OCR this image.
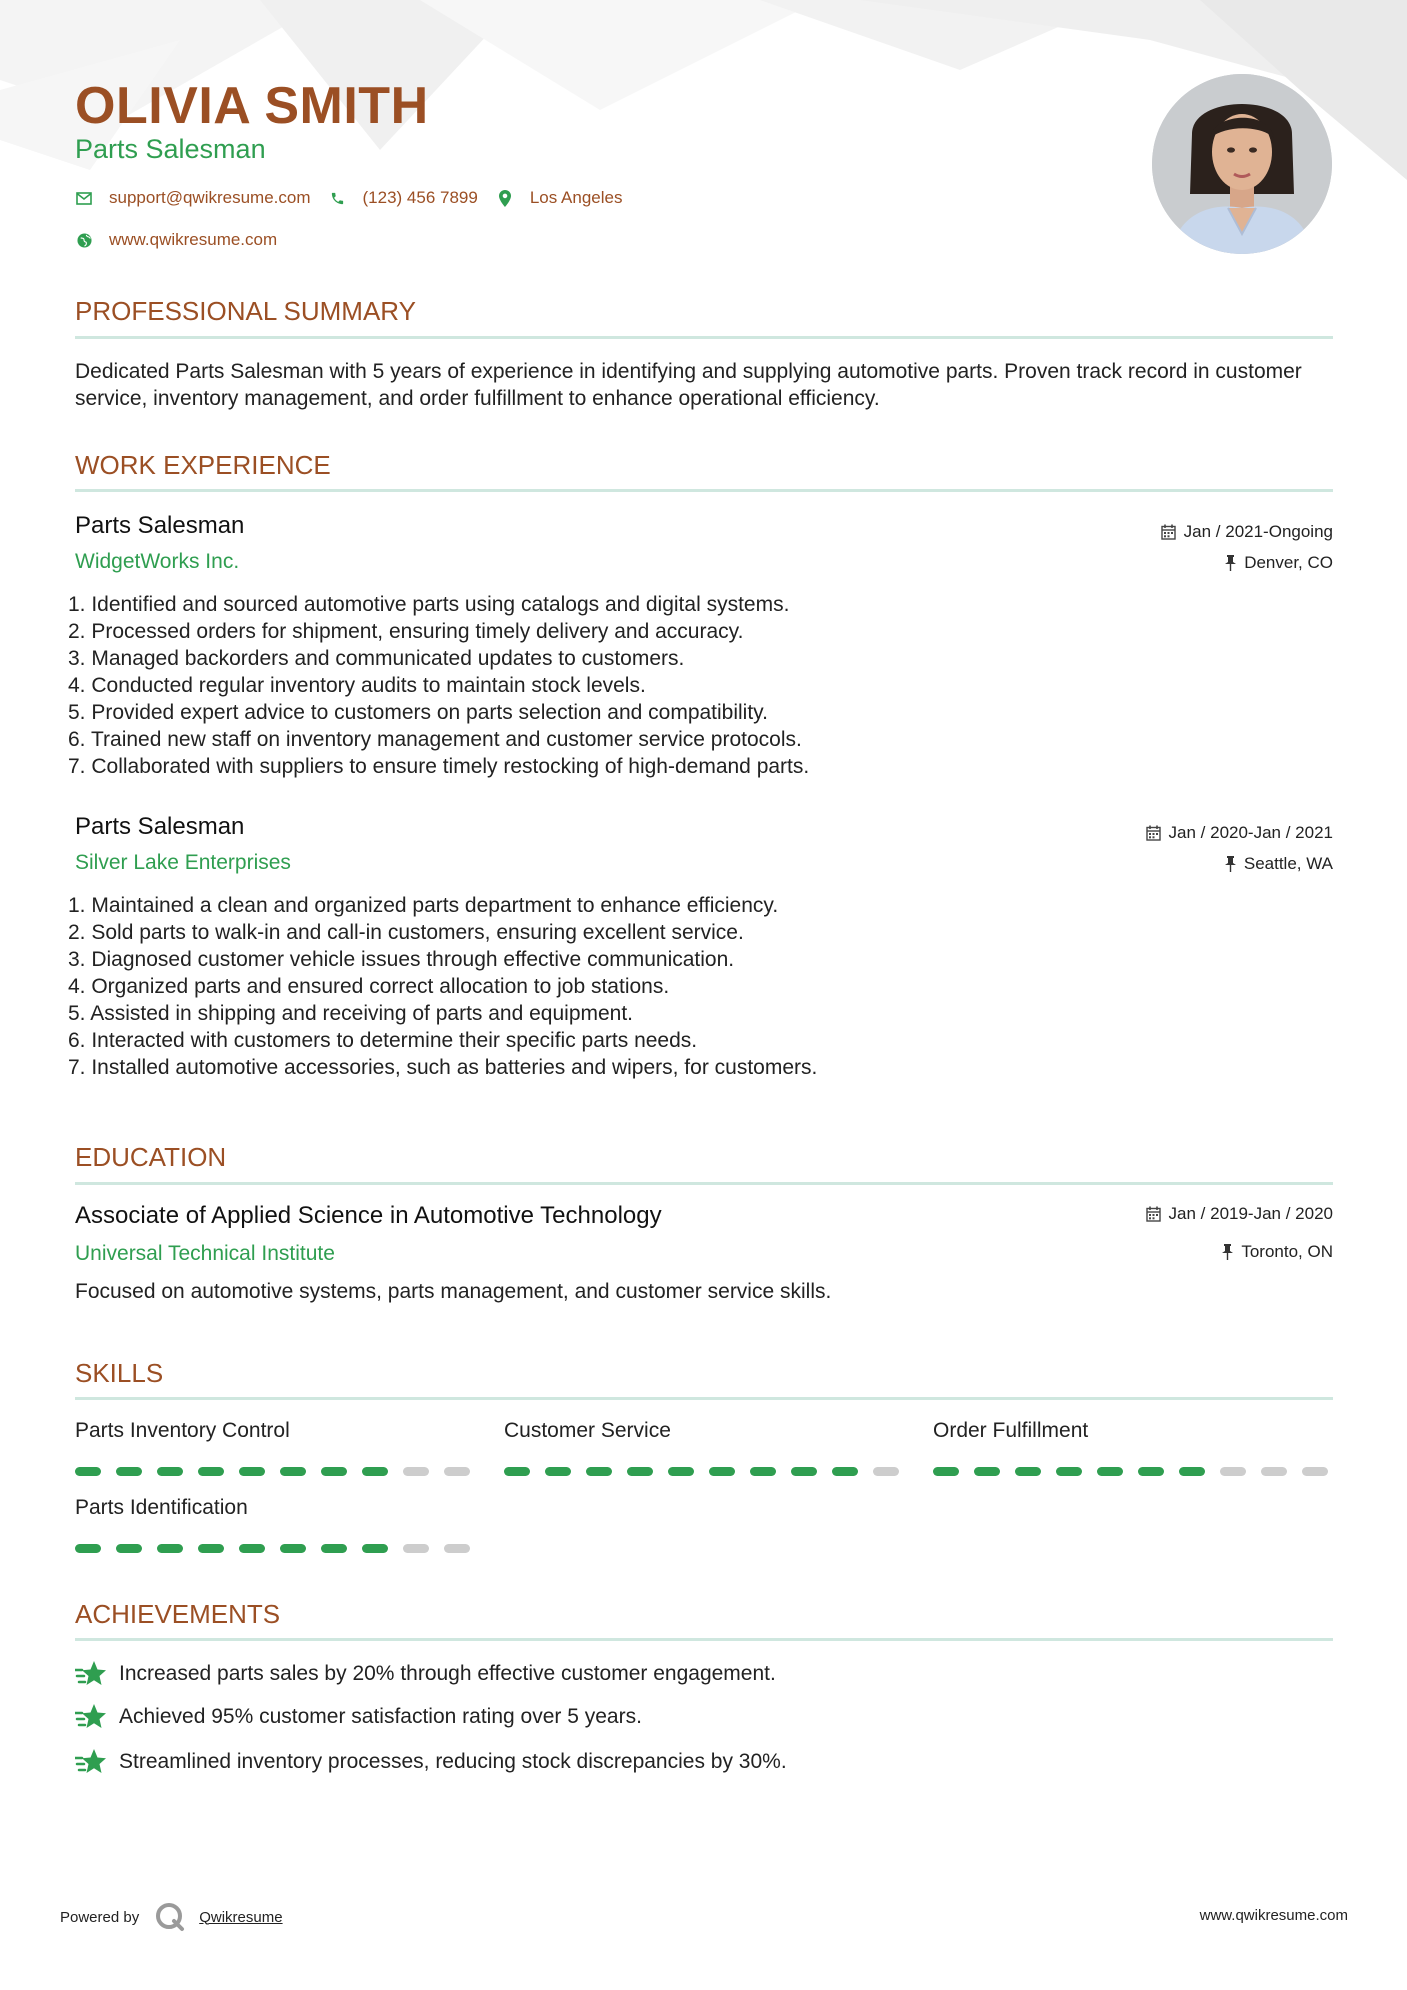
OLIVIA SMITH

Parts Salesman

support@qwikresume.com	(123) 456 7899	Los Angeles
www.qwikresume.com
PROFESSIONAL SUMMARY

Dedicated Parts Salesman with 5 years of experience in identifying and supplying automotive parts. Proven track record in customer service, inventory management, and order fulfillment to enhance operational efficiency.

WORK EXPERIENCE

Parts Salesman

WidgetWorks Inc.

Jan / 2021-Ongoing
Denver, CO
1. Identified and sourced automotive parts using catalogs and digital systems.
2. Processed orders for shipment, ensuring timely delivery and accuracy.
3. Managed backorders and communicated updates to customers.
4. Conducted regular inventory audits to maintain stock levels.
5. Provided expert advice to customers on parts selection and compatibility.
6. Trained new staff on inventory management and customer service protocols.
7. Collaborated with suppliers to ensure timely restocking of high-demand parts.

Parts Salesman

Silver Lake Enterprises

Jan / 2020-Jan / 2021
Seattle, WA
1. Maintained a clean and organized parts department to enhance efficiency.
2. Sold parts to walk-in and call-in customers, ensuring excellent service.
3. Diagnosed customer vehicle issues through effective communication.
4. Organized parts and ensured correct allocation to job stations.
5. Assisted in shipping and receiving of parts and equipment.
6. Interacted with customers to determine their specific parts needs.
7. Installed automotive accessories, such as batteries and wipers, for customers.
EDUCATION

Associate of Applied Science in Automotive Technology

Universal Technical Institute

Jan / 2019-Jan / 2020
Toronto, ON

Focused on automotive systems, parts management, and customer service skills.

SKILLS

Parts Inventory Control	Customer Service	Order Fulfillment

Parts Identification

ACHIEVEMENTS
Increased parts sales by 20% through effective customer engagement.
Achieved 95% customer satisfaction rating over 5 years.
Streamlined inventory processes, reducing stock discrepancies by 30%.
Powered by	Qwikresume	www.qwikresume.com
